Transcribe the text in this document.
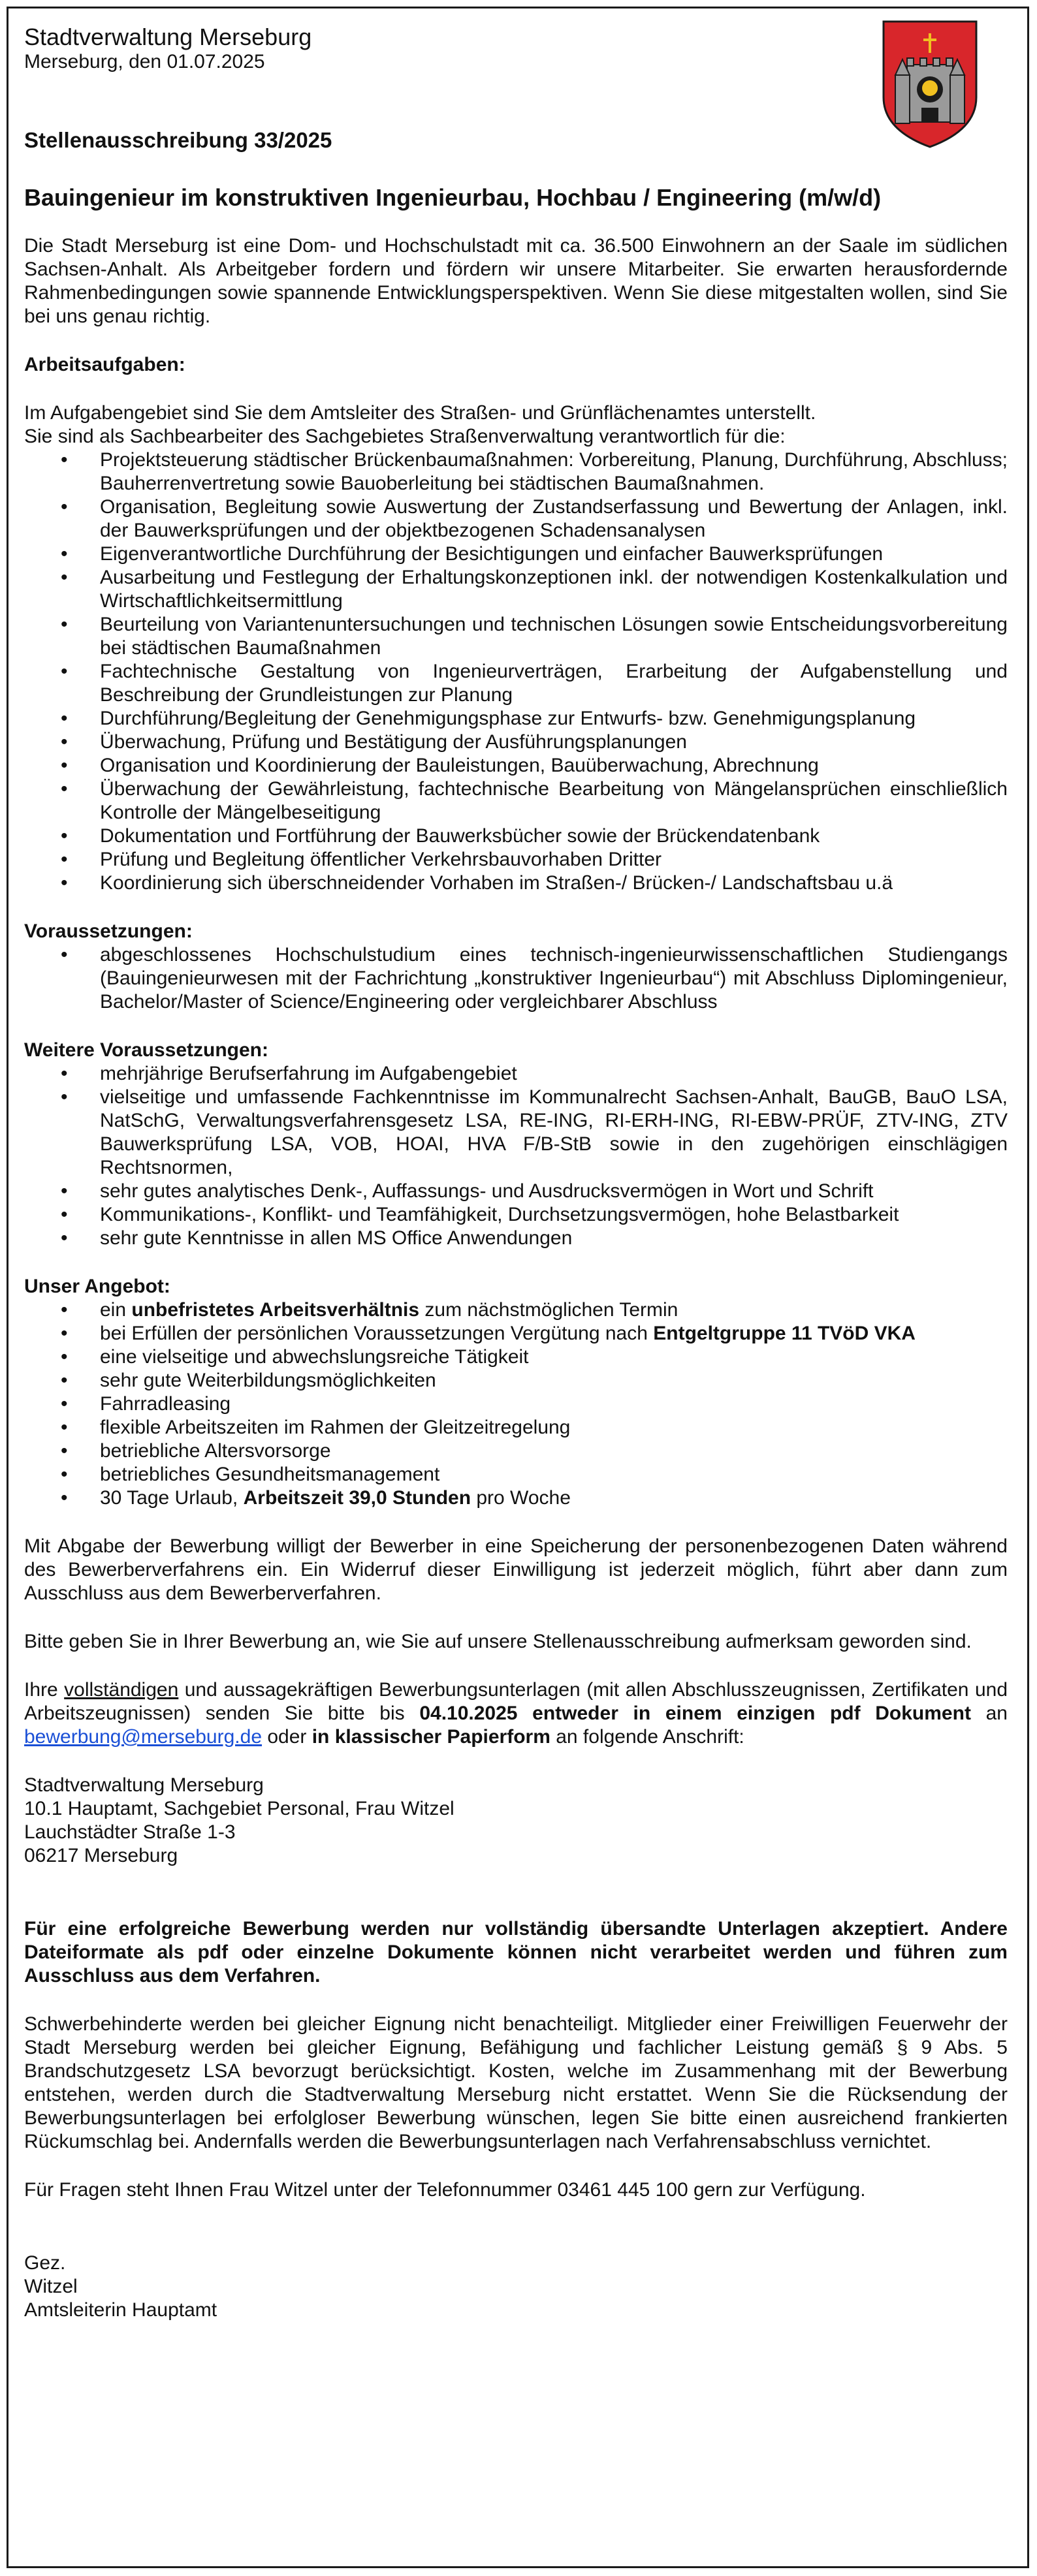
Stadtverwaltung Merseburg
Merseburg, den 01.07.2025
Stellenausschreibung 33/2025
Bauingenieur im konstruktiven Ingenieurbau, Hochbau / Engineering (m/w/d)

Die Stadt Merseburg ist eine Dom- und Hochschulstadt mit ca. 36.500 Einwohnern an der Saale im südlichen Sachsen-Anhalt. Als Arbeitgeber fordern und fördern wir unsere Mitarbeiter. Sie erwarten herausfordernde Rahmenbedingungen sowie spannende Entwicklungsperspektiven. Wenn Sie diese mitgestalten wollen, sind Sie bei uns genau richtig.

Arbeitsaufgaben:

Im Aufgabengebiet sind Sie dem Amtsleiter des Straßen- und Grünflächenamtes unterstellt.

Sie sind als Sachbearbeiter des Sachgebietes Straßenverwaltung verantwortlich für die:

• Projektsteuerung städtischer Brückenbaumaßnahmen: Vorbereitung, Planung, Durchführung, Abschluss; Bauherrenvertretung sowie Bauoberleitung bei städtischen Baumaßnahmen.
• Organisation, Begleitung sowie Auswertung der Zustandserfassung und Bewertung der Anlagen, inkl. der Bauwerksprüfungen und der objektbezogenen Schadensanalysen
• Eigenverantwortliche Durchführung der Besichtigungen und einfacher Bauwerksprüfungen
• Ausarbeitung und Festlegung der Erhaltungskonzeptionen inkl. der notwendigen Kostenkalkulation und Wirtschaftlichkeitsermittlung
• Beurteilung von Variantenuntersuchungen und technischen Lösungen sowie Entscheidungsvorbereitung bei städtischen Baumaßnahmen
• Fachtechnische Gestaltung von Ingenieurverträgen, Erarbeitung der Aufgabenstellung und Beschreibung der Grundleistungen zur Planung
• Durchführung/Begleitung der Genehmigungsphase zur Entwurfs- bzw. Genehmigungsplanung
• Überwachung, Prüfung und Bestätigung der Ausführungsplanungen
• Organisation und Koordinierung der Bauleistungen, Bauüberwachung, Abrechnung
• Überwachung der Gewährleistung, fachtechnische Bearbeitung von Mängelansprüchen einschließlich Kontrolle der Mängelbeseitigung
• Dokumentation und Fortführung der Bauwerksbücher sowie der Brückendatenbank
• Prüfung und Begleitung öffentlicher Verkehrsbauvorhaben Dritter
• Koordinierung sich überschneidender Vorhaben im Straßen-/ Brücken-/ Landschaftsbau u.ä
Voraussetzungen:
• abgeschlossenes Hochschulstudium eines technisch-ingenieurwissenschaftlichen Studiengangs (Bauingenieurwesen mit der Fachrichtung „konstruktiver Ingenieurbau“) mit Abschluss Diplomingenieur, Bachelor/Master of Science/Engineering oder vergleichbarer Abschluss
Weitere Voraussetzungen:
• mehrjährige Berufserfahrung im Aufgabengebiet
• vielseitige und umfassende Fachkenntnisse im Kommunalrecht Sachsen-Anhalt, BauGB, BauO LSA, NatSchG, Verwaltungsverfahrensgesetz LSA, RE-ING, RI-ERH-ING, RI-EBW-PRÜF, ZTV-ING, ZTV Bauwerksprüfung LSA, VOB, HOAI, HVA F/B-StB sowie in den zugehörigen einschlägigen Rechtsnormen,
• sehr gutes analytisches Denk-, Auffassungs- und Ausdrucksvermögen in Wort und Schrift
• Kommunikations-, Konflikt- und Teamfähigkeit, Durchsetzungsvermögen, hohe Belastbarkeit
• sehr gute Kenntnisse in allen MS Office Anwendungen
Unser Angebot:
• ein unbefristetes Arbeitsverhältnis zum nächstmöglichen Termin
• bei Erfüllen der persönlichen Voraussetzungen Vergütung nach Entgeltgruppe 11 TVöD VKA
• eine vielseitige und abwechslungsreiche Tätigkeit
• sehr gute Weiterbildungsmöglichkeiten
• Fahrradleasing
• flexible Arbeitszeiten im Rahmen der Gleitzeitregelung
• betriebliche Altersvorsorge
• betriebliches Gesundheitsmanagement
• 30 Tage Urlaub, Arbeitszeit 39,0 Stunden pro Woche

Mit Abgabe der Bewerbung willigt der Bewerber in eine Speicherung der personenbezogenen Daten während des Bewerberverfahrens ein. Ein Widerruf dieser Einwilligung ist jederzeit möglich, führt aber dann zum Ausschluss aus dem Bewerberverfahren.

Bitte geben Sie in Ihrer Bewerbung an, wie Sie auf unsere Stellenausschreibung aufmerksam geworden sind.

Ihre vollständigen und aussagekräftigen Bewerbungsunterlagen (mit allen Abschlusszeugnissen, Zertifikaten und Arbeitszeugnissen) senden Sie bitte bis 04.10.2025 entweder in einem einzigen pdf Dokument an bewerbung@merseburg.de oder in klassischer Papierform an folgende Anschrift:

Stadtverwaltung Merseburg
10.1 Hauptamt, Sachgebiet Personal, Frau Witzel
Lauchstädter Straße 1-3
06217 Merseburg

Für eine erfolgreiche Bewerbung werden nur vollständig übersandte Unterlagen akzeptiert. Andere Dateiformate als pdf oder einzelne Dokumente können nicht verarbeitet werden und führen zum Ausschluss aus dem Verfahren.

Schwerbehinderte werden bei gleicher Eignung nicht benachteiligt. Mitglieder einer Freiwilligen Feuerwehr der Stadt Merseburg werden bei gleicher Eignung, Befähigung und fachlicher Leistung gemäß § 9 Abs. 5 Brandschutzgesetz LSA bevorzugt berücksichtigt. Kosten, welche im Zusammenhang mit der Bewerbung entstehen, werden durch die Stadtverwaltung Merseburg nicht erstattet. Wenn Sie die Rücksendung der Bewerbungsunterlagen bei erfolgloser Bewerbung wünschen, legen Sie bitte einen ausreichend frankierten Rückumschlag bei. Andernfalls werden die Bewerbungsunterlagen nach Verfahrensabschluss vernichtet.

Für Fragen steht Ihnen Frau Witzel unter der Telefonnummer 03461 445 100 gern zur Verfügung.

Gez.
Witzel
Amtsleiterin Hauptamt
